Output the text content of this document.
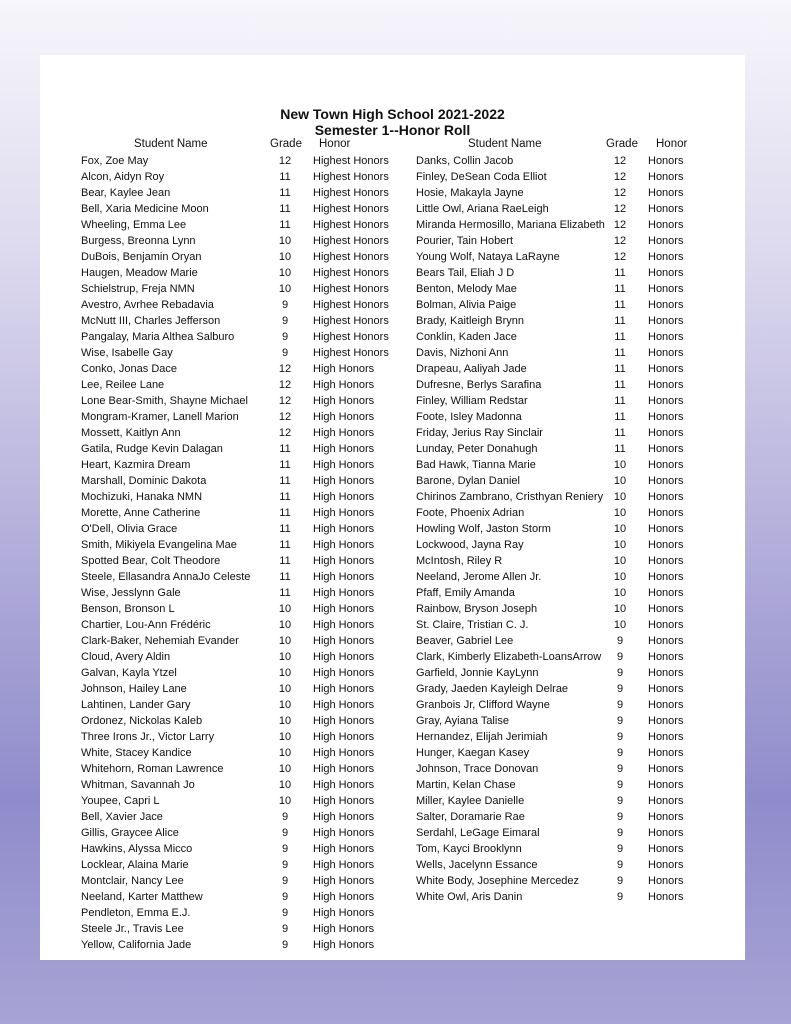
New Town High School 2021-2022
Semester 1--Honor Roll
Student Name	Grade Honor	Student Name	Grade Honor
Fox, Zoe May	12	Highest Honors
Alcon, Aidyn Roy	11	Highest Honors
Bear, Kaylee Jean	11	Highest Honors
Bell, Xaria Medicine Moon	11	Highest Honors
Wheeling, Emma Lee	11	Highest Honors
Burgess, Breonna Lynn	10	Highest Honors
DuBois, Benjamin Oryan	10	Highest Honors
Haugen, Meadow Marie	10	Highest Honors
Schielstrup, Freja NMN	10	Highest Honors
Avestro, Avrhee Rebadavia	9	Highest Honors
McNutt III, Charles Jefferson	9	Highest Honors
Pangalay, Maria Althea Salburo	9	Highest Honors
Wise, Isabelle Gay	9	Highest Honors
Conko, Jonas Dace	12	High Honors
Lee, Reilee Lane	12	High Honors
Lone Bear-Smith, Shayne Michael	12	High Honors
Mongram-Kramer, Lanell Marion	12	High Honors
Mossett, Kaitlyn Ann	12	High Honors
Gatila, Rudge Kevin Dalagan	11	High Honors
Heart, Kazmira Dream	11	High Honors
Marshall, Dominic Dakota	11	High Honors
Mochizuki, Hanaka NMN	11	High Honors
Morette, Anne Catherine	11	High Honors
O'Dell, Olivia Grace	11	High Honors
Smith, Mikiyela Evangelina Mae	11	High Honors
Spotted Bear, Colt Theodore	11	High Honors
Steele, Ellasandra AnnaJo Celeste	11	High Honors
Wise, Jesslynn Gale	11	High Honors
Benson, Bronson L	10	High Honors
Chartier, Lou-Ann Frédéric	10	High Honors
Clark-Baker, Nehemiah Evander	10	High Honors
Cloud, Avery Aldin	10	High Honors
Galvan, Kayla Ytzel	10	High Honors
Johnson, Hailey Lane	10	High Honors
Lahtinen, Lander Gary	10	High Honors
Ordonez, Nickolas Kaleb	10	High Honors
Three Irons Jr., Victor Larry	10	High Honors
White, Stacey Kandice	10	High Honors
Whitehorn, Roman Lawrence	10	High Honors
Whitman, Savannah Jo	10	High Honors
Youpee, Capri L	10	High Honors
Bell, Xavier Jace	9	High Honors
Gillis, Graycee Alice	9	High Honors
Hawkins, Alyssa Micco	9	High Honors
Locklear, Alaina Marie	9	High Honors
Montclair, Nancy Lee	9	High Honors
Neeland, Karter Matthew	9	High Honors
Pendleton, Emma E.J.	9	High Honors
Steele Jr., Travis Lee	9	High Honors
Yellow, California Jade	9	High Honors
Danks, Collin Jacob	12	Honors
Finley, DeSean Coda Elliot	12	Honors
Hosie, Makayla Jayne	12	Honors
Little Owl, Ariana RaeLeigh	12	Honors
Miranda Hermosillo, Mariana Elizabeth 12	Honors
Pourier, Tain Hobert	12	Honors
Young Wolf, Nataya LaRayne	12	Honors
Bears Tail, Eliah J D	11	Honors
Benton, Melody Mae	11	Honors
Bolman, Alivia Paige	11	Honors
Brady, Kaitleigh Brynn	11	Honors
Conklin, Kaden Jace	11	Honors
Davis, Nizhoni Ann	11	Honors
Drapeau, Aaliyah Jade	11	Honors
Dufresne, Berlys Sarafina	11	Honors
Finley, William Redstar	11	Honors
Foote, Isley Madonna	11	Honors
Friday, Jerius Ray Sinclair	11	Honors
Lunday, Peter Donahugh	11	Honors
Bad Hawk, Tianna Marie	10	Honors
Barone, Dylan Daniel	10	Honors
Chirinos Zambrano, Cristhyan Reniery 10	Honors
Foote, Phoenix Adrian	10	Honors
Howling Wolf, Jaston Storm	10	Honors
Lockwood, Jayna Ray	10	Honors
McIntosh, Riley R	10	Honors
Neeland, Jerome Allen Jr.	10	Honors
Pfaff, Emily Amanda	10	Honors
Rainbow, Bryson Joseph	10	Honors
St. Claire, Tristian C. J.	10	Honors
Beaver, Gabriel Lee	9	Honors
Clark, Kimberly Elizabeth-LoansArrow	9	Honors
Garfield, Jonnie KayLynn	9	Honors
Grady, Jaeden Kayleigh Delrae	9	Honors
Granbois Jr, Clifford Wayne	9	Honors
Gray, Ayiana Talise	9	Honors
Hernandez, Elijah Jerimiah	9	Honors
Hunger, Kaegan Kasey	9	Honors
Johnson, Trace Donovan	9	Honors
Martin, Kelan Chase	9	Honors
Miller, Kaylee Danielle	9	Honors
Salter, Doramarie Rae	9	Honors
Serdahl, LeGage Eimaral	9	Honors
Tom, Kayci Brooklynn	9	Honors
Wells, Jacelynn Essance	9	Honors
White Body, Josephine Mercedez	9	Honors
White Owl, Aris Danin	9	Honors
